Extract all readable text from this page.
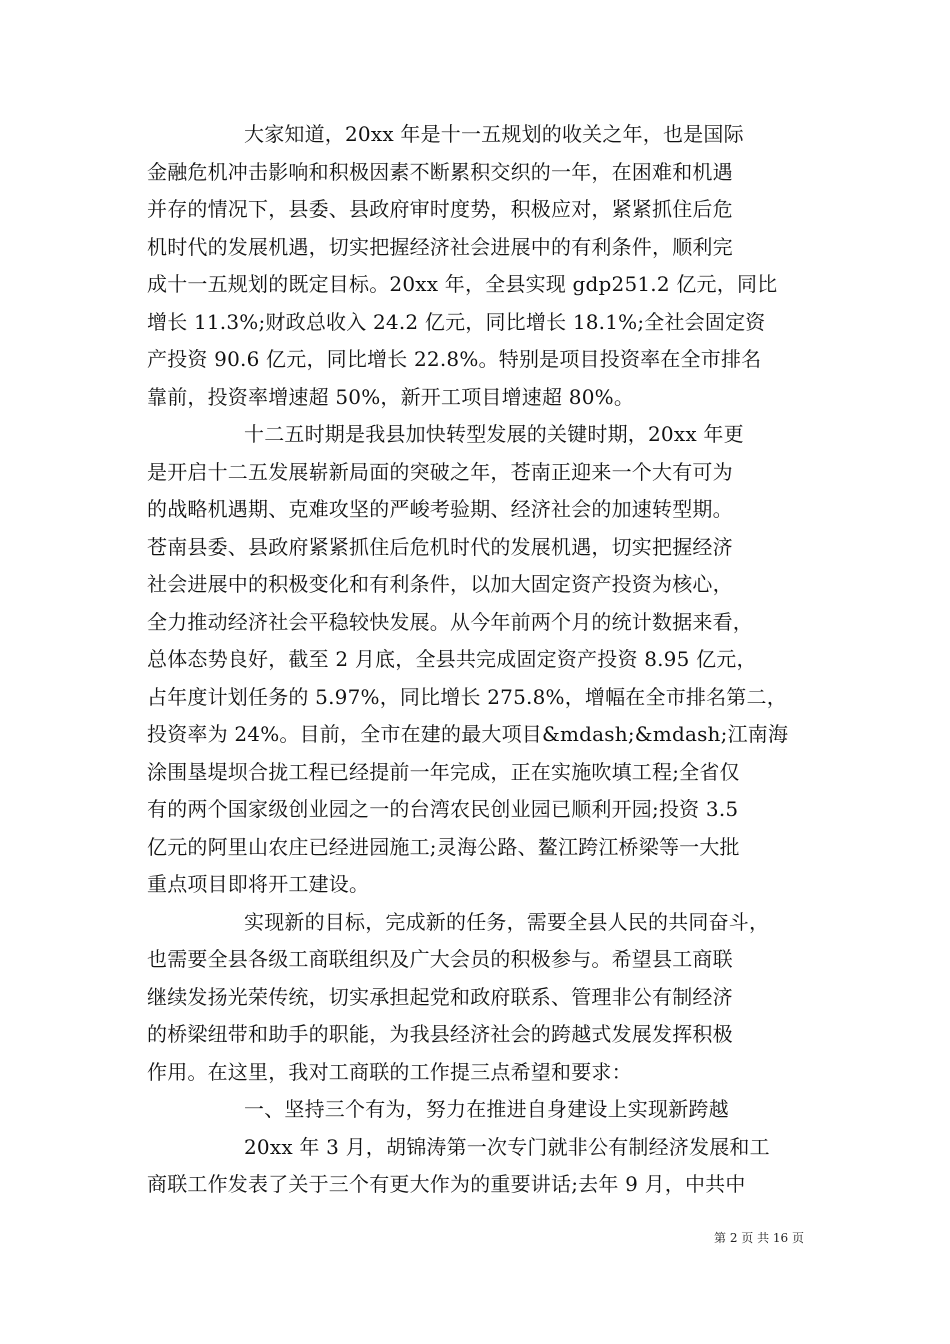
大家知道，20xx 年是十一五规划的收关之年，也是国际
金融危机冲击影响和积极因素不断累积交织的一年，在困难和机遇
并存的情况下，县委、县政府审时度势，积极应对，紧紧抓住后危
机时代的发展机遇，切实把握经济社会进展中的有利条件，顺利完
成十一五规划的既定目标。20xx 年，全县实现 gdp251.2 亿元，同比
增长 11.3%;财政总收入 24.2 亿元，同比增长 18.1%;全社会固定资
产投资 90.6 亿元，同比增长 22.8%。特别是项目投资率在全市排名
靠前，投资率增速超 50%，新开工项目增速超 80%。
十二五时期是我县加快转型发展的关键时期，20xx 年更
是开启十二五发展崭新局面的突破之年，苍南正迎来一个大有可为
的战略机遇期、克难攻坚的严峻考验期、经济社会的加速转型期。
苍南县委、县政府紧紧抓住后危机时代的发展机遇，切实把握经济
社会进展中的积极变化和有利条件，以加大固定资产投资为核心，
全力推动经济社会平稳较快发展。从今年前两个月的统计数据来看，
总体态势良好，截至 2 月底，全县共完成固定资产投资 8.95 亿元，
占年度计划任务的 5.97%，同比增长 275.8%，增幅在全市排名第二，
投资率为 24%。目前，全市在建的最大项目&mdash;&mdash;江南海
涂围垦堤坝合拢工程已经提前一年完成，正在实施吹填工程;全省仅
有的两个国家级创业园之一的台湾农民创业园已顺利开园;投资 3.5
亿元的阿里山农庄已经进园施工;灵海公路、鳌江跨江桥梁等一大批
重点项目即将开工建设。
实现新的目标，完成新的任务，需要全县人民的共同奋斗，
也需要全县各级工商联组织及广大会员的积极参与。希望县工商联
继续发扬光荣传统，切实承担起党和政府联系、管理非公有制经济
的桥梁纽带和助手的职能，为我县经济社会的跨越式发展发挥积极
作用。在这里，我对工商联的工作提三点希望和要求：
一、坚持三个有为，努力在推进自身建设上实现新跨越
20xx 年 3 月，胡锦涛第一次专门就非公有制经济发展和工
商联工作发表了关于三个有更大作为的重要讲话;去年 9 月，中共中
第 2 页 共 16 页
